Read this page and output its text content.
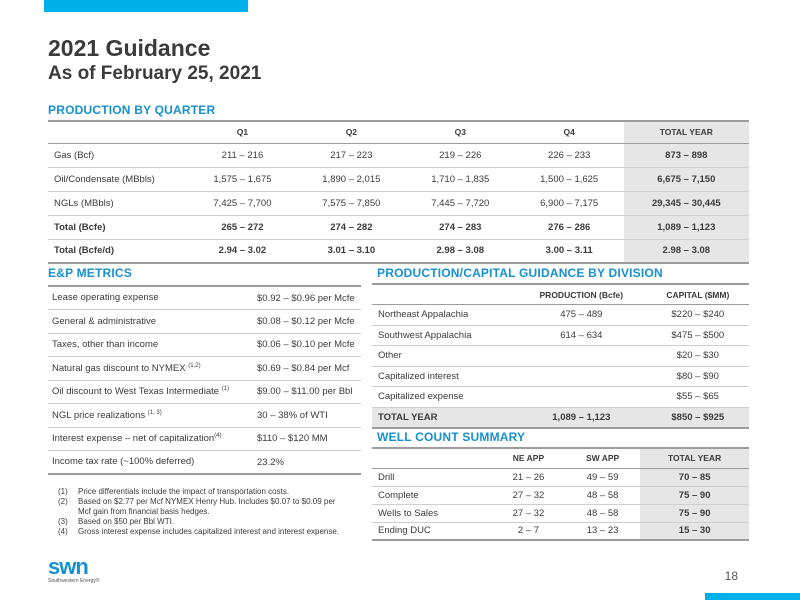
2021 Guidance
As of February 25, 2021
PRODUCTION BY QUARTER
	Q1	Q2	Q3	Q4	TOTAL YEAR
Gas (Bcf)	211 – 216	217 – 223	219 – 226	226 – 233	873 – 898
Oil/Condensate (MBbls)	1,575 – 1,675	1,890 – 2,015	1,710 – 1,835	1,500 – 1,625	6,675 – 7,150
NGLs (MBbls)	7,425 – 7,700	7,575 – 7,850	7,445 – 7,720	6,900 – 7,175	29,345 – 30,445
Total (Bcfe)	265 – 272	274 – 282	274 – 283	276 – 286	1,089 – 1,123
Total (Bcfe/d)	2.94 – 3.02	3.01 – 3.10	2.98 – 3.08	3.00 – 3.11	2.98 – 3.08
E&P METRICS
Lease operating expense	$0.92 – $0.96 per Mcfe
General & administrative	$0.08 – $0.12 per Mcfe
Taxes, other than income	$0.06 – $0.10 per Mcfe
Natural gas discount to NYMEX $^{(1,2)}$	$0.69 – $0.84 per Mcf
Oil discount to West Texas Intermediate $^{(1)}$	$9.00 – $11.00 per Bbl
NGL price realizations $^{(1, 3)}$	30 – 38% of WTI
Interest expense – net of capitalization$^{(4)}$	$110 – $120 MM
Income tax rate (~100% deferred)	23.2%
PRODUCTION/CAPITAL GUIDANCE BY DIVISION
	PRODUCTION (Bcfe)	CAPITAL ($MM)
Northeast Appalachia	475 – 489	$220 – $240
Southwest Appalachia	614 – 634	$475 – $500
Other		$20 – $30
Capitalized interest		$80 – $90
Capitalized expense		$55 – $65
TOTAL YEAR	1,089 – 1,123	$850 – $925
WELL COUNT SUMMARY
	NE APP	SW APP	TOTAL YEAR
Drill	21 – 26	49 – 59	70 – 85
Complete	27 – 32	48 – 58	75 – 90
Wells to Sales	27 – 32	48 – 58	75 – 90
Ending DUC	2 – 7	13 – 23	15 – 30
(1)	Price differentials include the impact of transportation costs.
(2)	Based on $2.77 per Mcf NYMEX Henry Hub. Includes $0.07 to $0.09 per Mcf gain from financial basis hedges.
(3)	Based on $50 per Bbl WTI.
(4)	Gross interest expense includes capitalized interest and interest expense.
swn
Southwestern Energy®	18
